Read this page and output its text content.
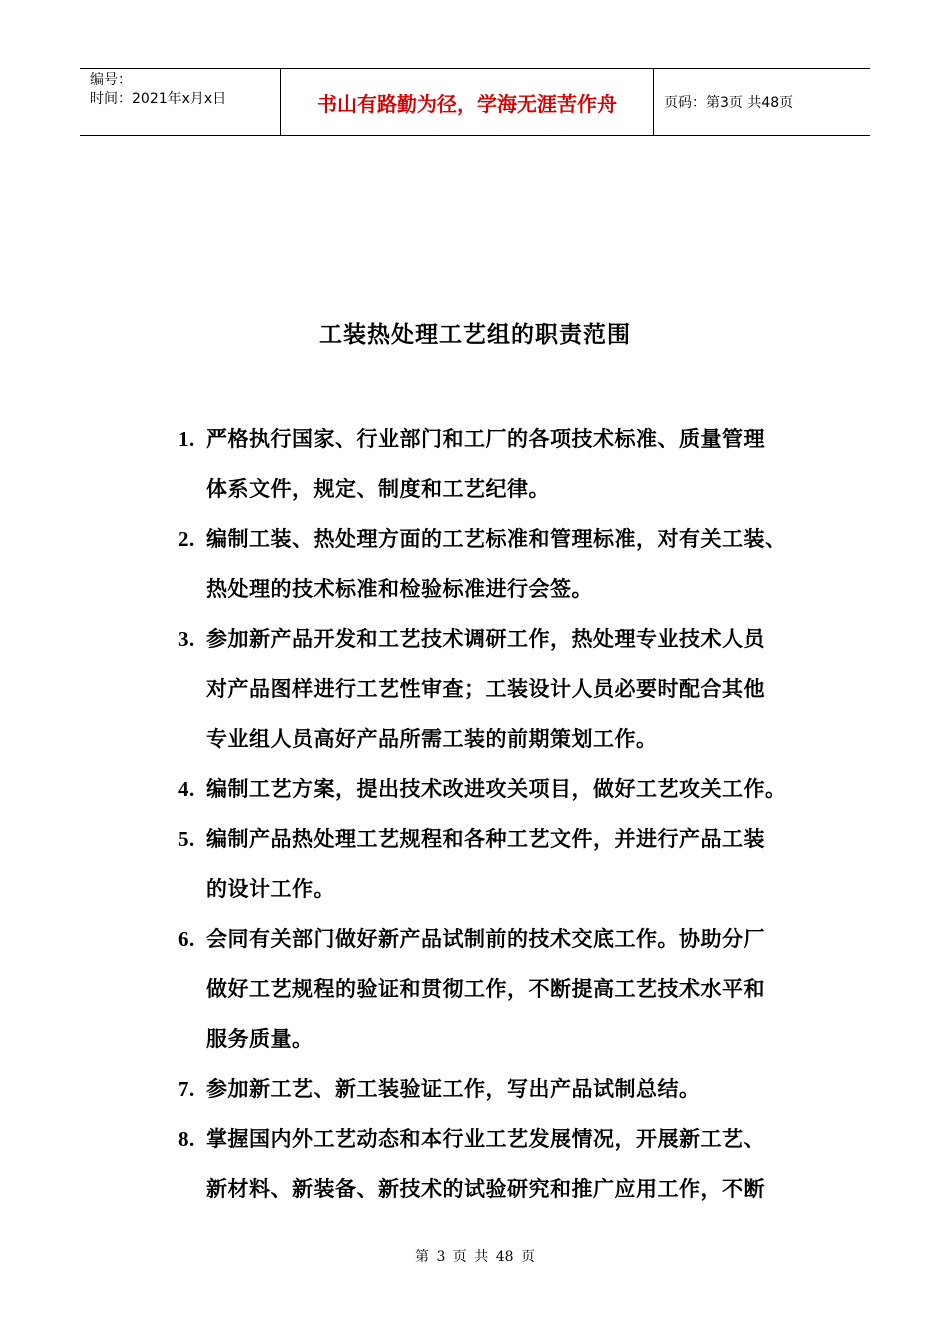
编号：
时间：2021年x月x日	书山有路勤为径，学海无涯苦作舟	页码：第3页 共48页
工装热处理工艺组的职责范围
1. 严格执行国家、行业部门和工厂的各项技术标准、质量管理
体系文件，规定、制度和工艺纪律。
2. 编制工装、热处理方面的工艺标准和管理标准，对有关工装、
热处理的技术标准和检验标准进行会签。
3. 参加新产品开发和工艺技术调研工作，热处理专业技术人员
对产品图样进行工艺性审查；工装设计人员必要时配合其他
专业组人员高好产品所需工装的前期策划工作。
4. 编制工艺方案，提出技术改进攻关项目，做好工艺攻关工作。
5. 编制产品热处理工艺规程和各种工艺文件，并进行产品工装
的设计工作。
6. 会同有关部门做好新产品试制前的技术交底工作。协助分厂
做好工艺规程的验证和贯彻工作，不断提高工艺技术水平和
服务质量。
7. 参加新工艺、新工装验证工作，写出产品试制总结。
8. 掌握国内外工艺动态和本行业工艺发展情况，开展新工艺、
新材料、新装备、新技术的试验研究和推广应用工作，不断
第 3 页 共 48 页
